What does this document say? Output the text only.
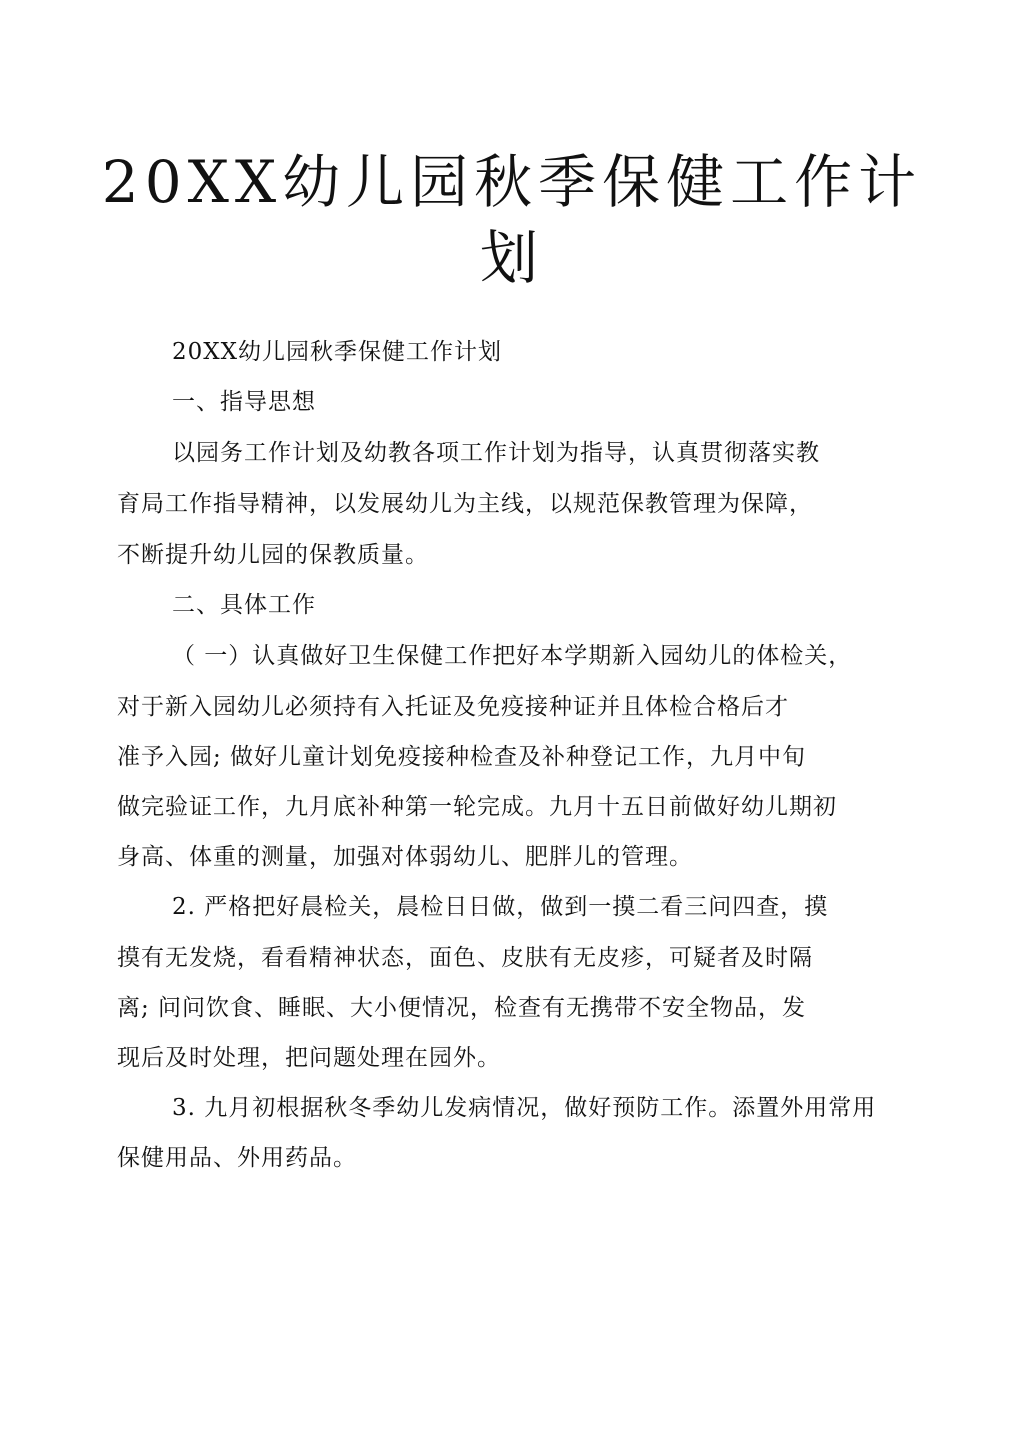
20XX幼儿园秋季保健工作计
划
20XX幼儿园秋季保健工作计划
一、指导思想
以园务工作计划及幼教各项工作计划为指导，认真贯彻落实教
育局工作指导精神，以发展幼儿为主线，以规范保教管理为保障，
不断提升幼儿园的保教质量。
二、具体工作
（ 一）认真做好卫生保健工作把好本学期新入园幼儿的体检关，
对于新入园幼儿必须持有入托证及免疫接种证并且体检合格后才
准予入园; 做好儿童计划免疫接种检查及补种登记工作，九月中旬
做完验证工作，九月底补种第一轮完成。九月十五日前做好幼儿期初
身高、体重的测量，加强对体弱幼儿、肥胖儿的管理。
2. 严格把好晨检关，晨检日日做，做到一摸二看三问四查，摸
摸有无发烧，看看精神状态，面色、皮肤有无皮疹，可疑者及时隔
离; 问问饮食、睡眠、大小便情况，检查有无携带不安全物品，发
现后及时处理，把问题处理在园外。
3. 九月初根据秋冬季幼儿发病情况，做好预防工作。添置外用常用
保健用品、外用药品。
